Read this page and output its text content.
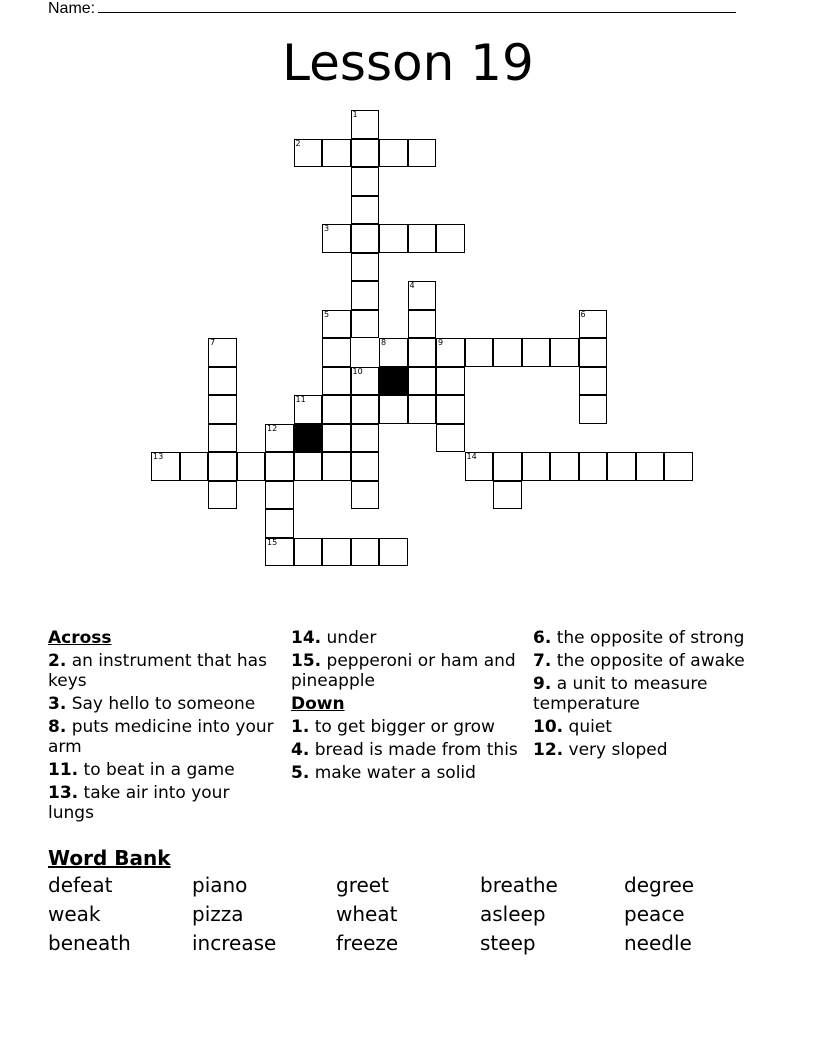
Name:
Lesson 19
1
2
3
4
5	6
7	8	9
10
11
12
13	14
15
Across
2. an instrument that has keys
3. Say hello to someone
8. puts medicine into your arm
11. to beat in a game
13. take air into your lungs
14. under
15. pepperoni or ham and pineapple
Down
1. to get bigger or grow
4. bread is made from this
5. make water a solid
6. the opposite of strong
7. the opposite of awake
9. a unit to measure temperature
10. quiet
12. very sloped
Word Bank
defeat	piano	greet	breathe	degree
weak	pizza	wheat	asleep	peace
beneath	increase	freeze	steep	needle
